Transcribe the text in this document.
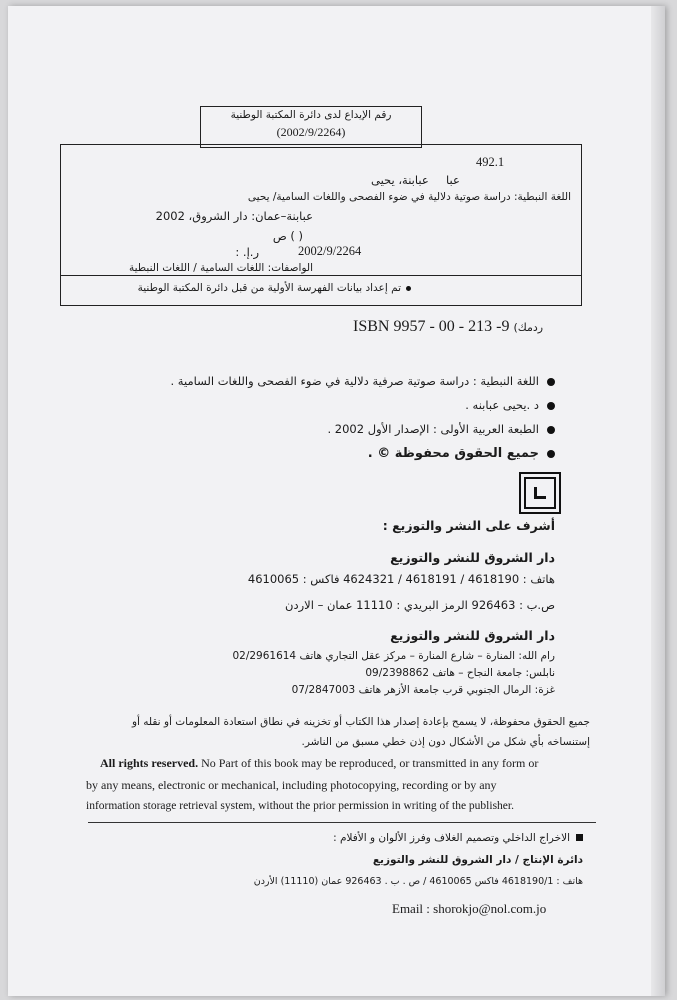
رقم الإيداع لدى دائرة المكتبة الوطنية
(2002/9/2264)
492.1
عبا
عبابنة، يحيى
اللغة النبطية: دراسة صوتية دلالية في ضوء الفصحى واللغات السامية/ يحيى
عبابنة–عمان: دار الشروق، 2002
( ) ص
ر.إ. :	2002/9/2264
الواصفات: اللغات السامية / اللغات النبطية
تم إعداد بيانات الفهرسة الأولية من قبل دائرة المكتبة الوطنية
ISBN 9957 - 00 - 213 -9 (ردمك
اللغة النبطية : دراسة صوتية صرفية دلالية في ضوء الفصحى واللغات السامية .
د .يحيى عبابنه .
الطبعة العربية الأولى : الإصدار الأول 2002 .
جميع الحقوق محفوظة © .
أشرف على النشر والتوزيع :
دار الشروق للنشر والتوزيع
هاتف : 4618190 / 4618191 / 4624321 فاكس : 4610065
ص.ب : 926463 الرمز البريدي : 11110 عمان – الاردن
دار الشروق للنشر والتوزيع
رام الله: المنارة – شارع المنارة – مركز عقل التجاري هاتف 02/2961614
نابلس: جامعة النجاح – هاتف 09/2398862
غزة: الرمال الجنوبي قرب جامعة الأزهر هاتف 07/2847003
جميع الحقوق محفوظة، لا يسمح بإعادة إصدار هذا الكتاب أو تخزينه في نطاق استعادة المعلومات أو نقله أو
إستنساخه بأي شكل من الأشكال دون إذن خطي مسبق من الناشر.
All rights reserved. No Part of this book may be reproduced, or transmitted in any form or
by any means, electronic or mechanical, including photocopying, recording or by any
information storage retrieval system, without the prior permission in writing of the publisher.
الاخراج الداخلي وتصميم الغلاف وفرز الألوان و الأفلام :
دائرة الإنتاج / دار الشروق للنشر والتوزيع
هاتف : 4618190/1 فاكس 4610065 / ص . ب . 926463 عمان (11110) الأردن
Email : shorokjo@nol.com.jo
